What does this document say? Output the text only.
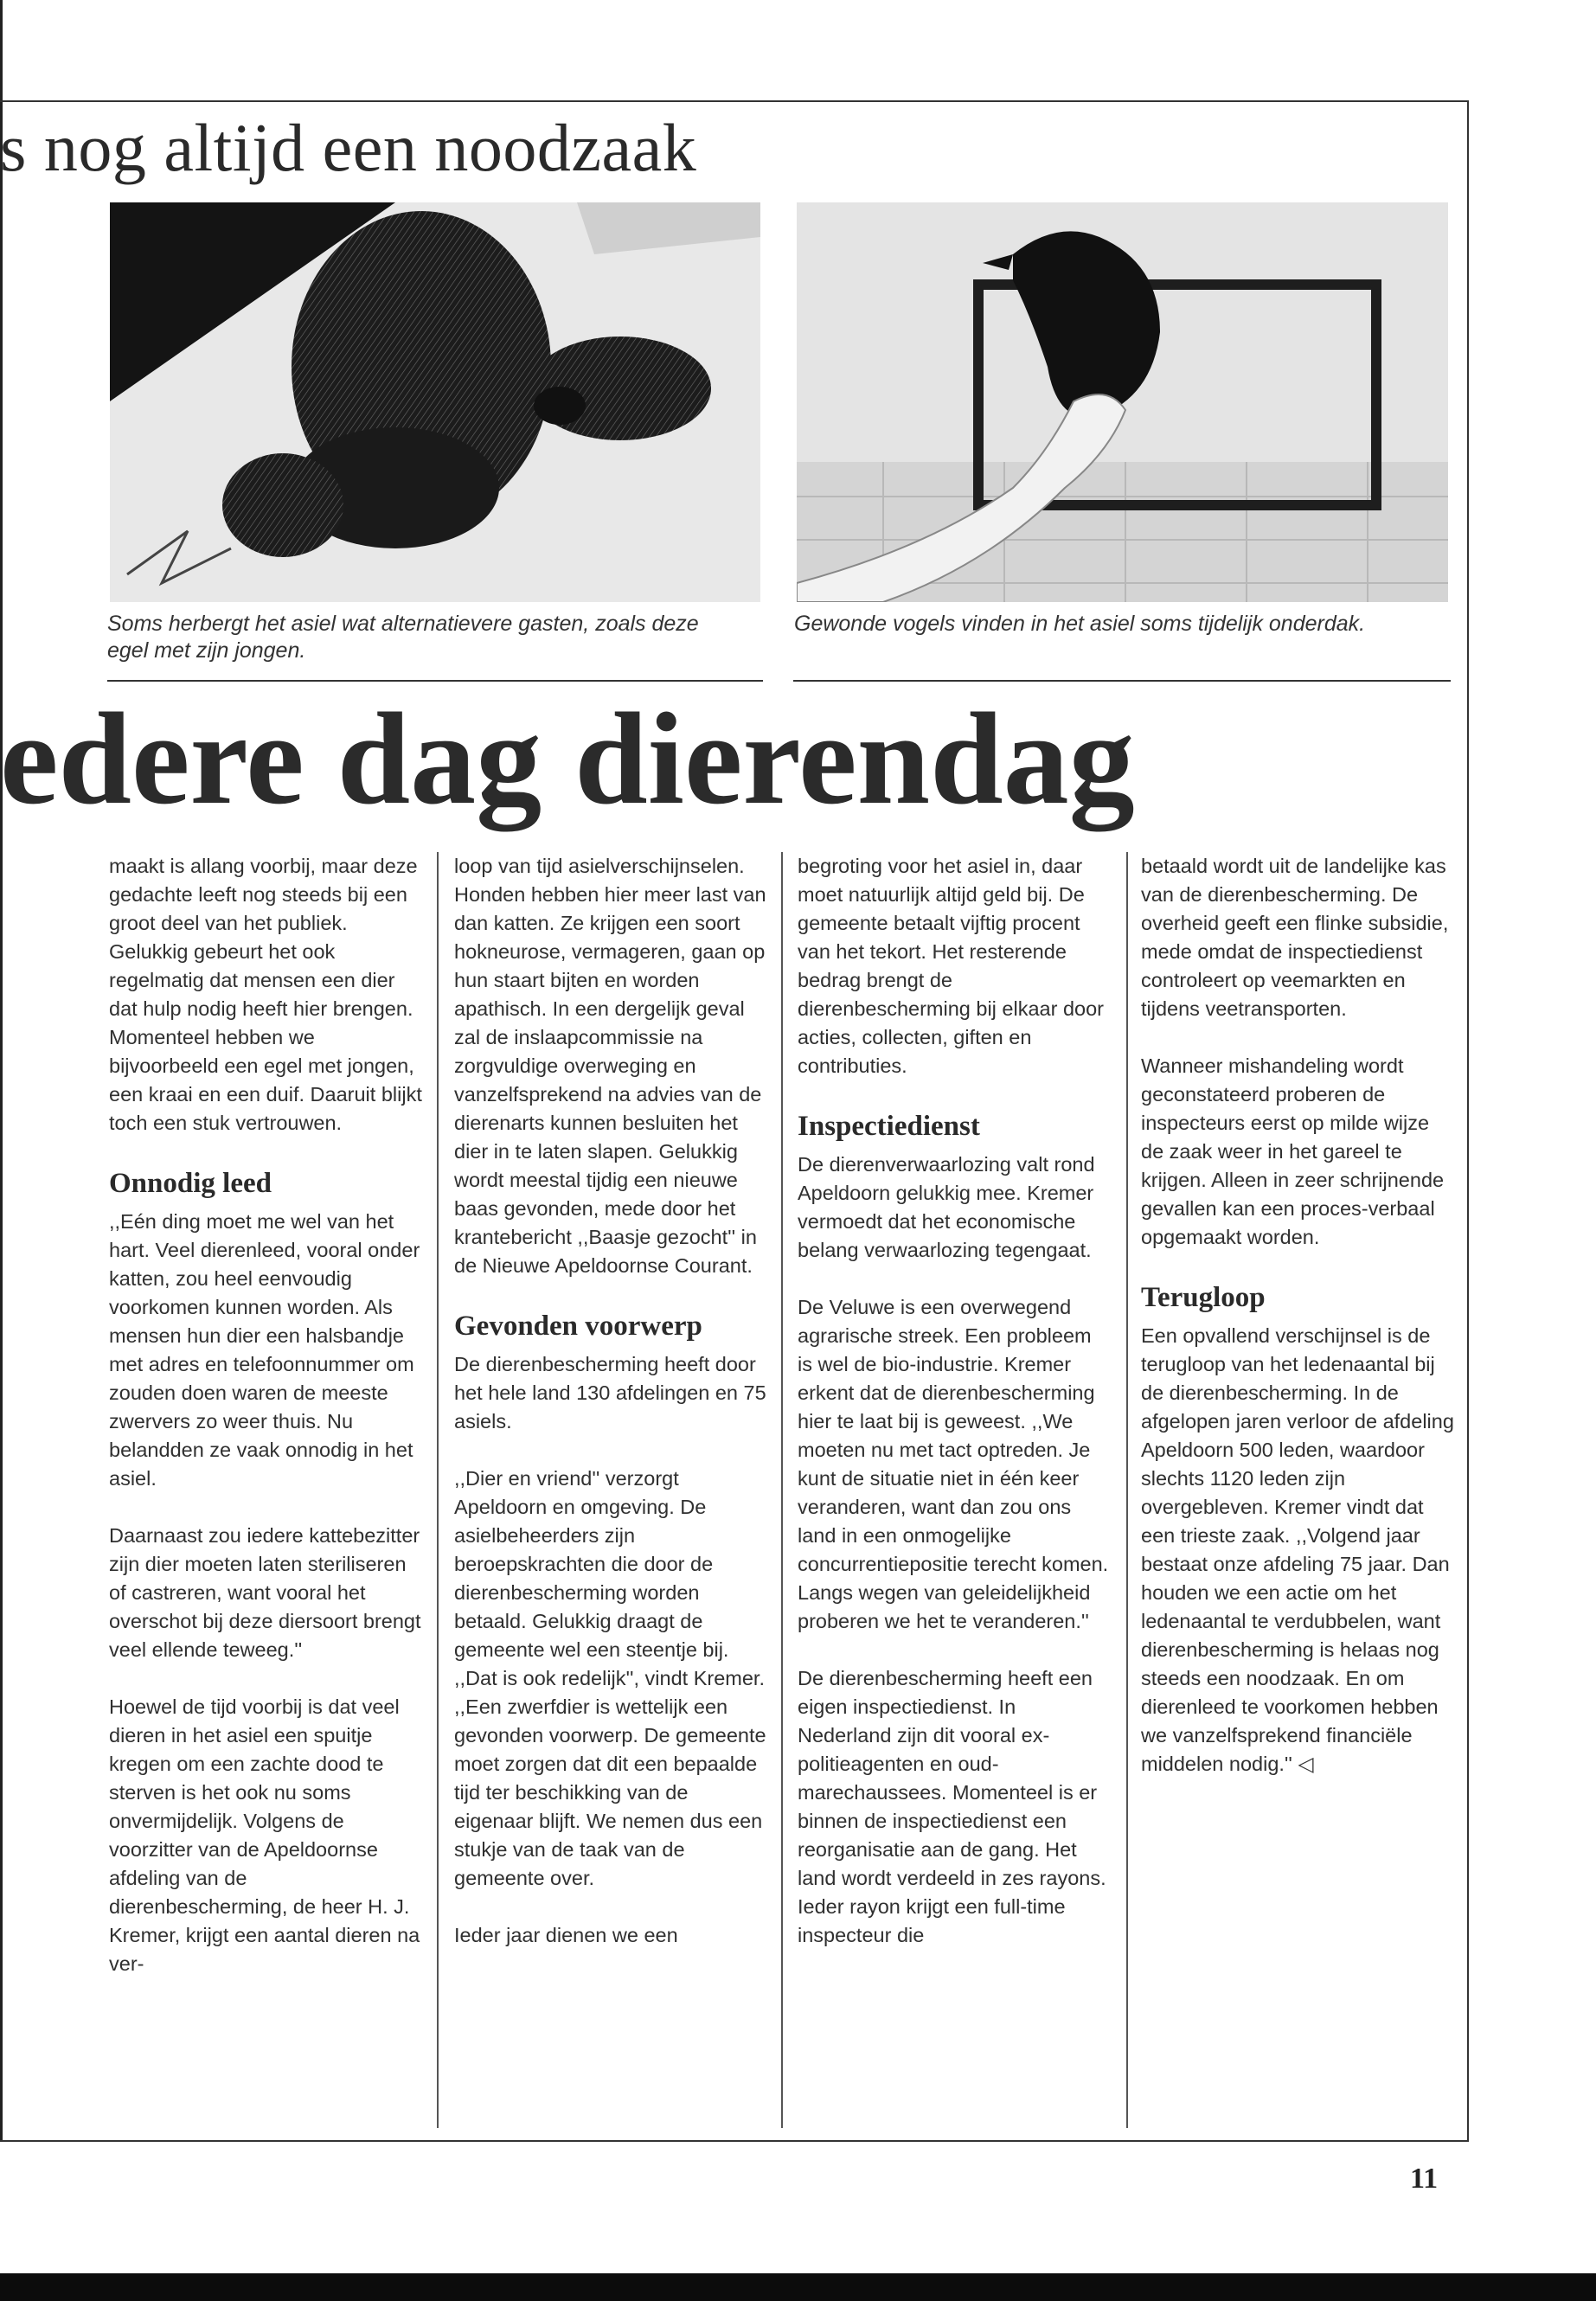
s nog altijd een noodzaak

Soms herbergt het asiel wat alternatievere gasten, zoals deze egel met zijn jongen.

Gewonde vogels vinden in het asiel soms tijdelijk onderdak.

edere dag dierendag

maakt is allang voorbij, maar deze gedachte leeft nog steeds bij een groot deel van het publiek. Gelukkig gebeurt het ook regelmatig dat mensen een dier dat hulp nodig heeft hier brengen. Momenteel hebben we bijvoorbeeld een egel met jongen, een kraai en een duif. Daaruit blijkt toch een stuk vertrouwen.

Onnodig leed

,,Eén ding moet me wel van het hart. Veel dierenleed, vooral onder katten, zou heel eenvoudig voorkomen kunnen worden. Als mensen hun dier een halsbandje met adres en telefoonnummer om zouden doen waren de meeste zwervers zo weer thuis. Nu belandden ze vaak onnodig in het asiel.

Daarnaast zou iedere kattebezitter zijn dier moeten laten steriliseren of castreren, want vooral het overschot bij deze diersoort brengt veel ellende teweeg.''

Hoewel de tijd voorbij is dat veel dieren in het asiel een spuitje kregen om een zachte dood te sterven is het ook nu soms onvermijdelijk. Volgens de voorzitter van de Apeldoornse afdeling van de dierenbescherming, de heer H. J. Kremer, krijgt een aantal dieren na ver-

loop van tijd asielverschijnselen. Honden hebben hier meer last van dan katten. Ze krijgen een soort hokneurose, vermageren, gaan op hun staart bijten en worden apathisch. In een dergelijk geval zal de inslaapcommissie na zorgvuldige overweging en vanzelfsprekend na advies van de dierenarts kunnen besluiten het dier in te laten slapen. Gelukkig wordt meestal tijdig een nieuwe baas gevonden, mede door het krantebericht ,,Baasje gezocht'' in de Nieuwe Apeldoornse Courant.

Gevonden voorwerp

De dierenbescherming heeft door het hele land 130 afdelingen en 75 asiels.

,,Dier en vriend'' verzorgt Apeldoorn en omgeving. De asielbeheerders zijn beroepskrachten die door de dierenbescherming worden betaald. Gelukkig draagt de gemeente wel een steentje bij. ,,Dat is ook redelijk'', vindt Kremer. ,,Een zwerfdier is wettelijk een gevonden voorwerp. De gemeente moet zorgen dat dit een bepaalde tijd ter beschikking van de eigenaar blijft. We nemen dus een stukje van de taak van de gemeente over.

Ieder jaar dienen we een

begroting voor het asiel in, daar moet natuurlijk altijd geld bij. De gemeente betaalt vijftig procent van het tekort. Het resterende bedrag brengt de dierenbescherming bij elkaar door acties, collecten, giften en contributies.

Inspectiedienst

De dierenverwaarlozing valt rond Apeldoorn gelukkig mee. Kremer vermoedt dat het economische belang verwaarlozing tegengaat.

De Veluwe is een overwegend agrarische streek. Een probleem is wel de bio-industrie. Kremer erkent dat de dierenbescherming hier te laat bij is geweest. ,,We moeten nu met tact optreden. Je kunt de situatie niet in één keer veranderen, want dan zou ons land in een onmogelijke concurrentiepositie terecht komen. Langs wegen van geleidelijkheid proberen we het te veranderen.''

De dierenbescherming heeft een eigen inspectiedienst. In Nederland zijn dit vooral ex-politieagenten en oud-marechaussees. Momenteel is er binnen de inspectiedienst een reorganisatie aan de gang. Het land wordt verdeeld in zes rayons. Ieder rayon krijgt een full-time inspecteur die

betaald wordt uit de landelijke kas van de dierenbescherming. De overheid geeft een flinke subsidie, mede omdat de inspectiedienst controleert op veemarkten en tijdens veetransporten.

Wanneer mishandeling wordt geconstateerd proberen de inspecteurs eerst op milde wijze de zaak weer in het gareel te krijgen. Alleen in zeer schrijnende gevallen kan een proces-verbaal opgemaakt worden.

Terugloop

Een opvallend verschijnsel is de terugloop van het ledenaantal bij de dierenbescherming. In de afgelopen jaren verloor de afdeling Apeldoorn 500 leden, waardoor slechts 1120 leden zijn overgebleven. Kremer vindt dat een trieste zaak. ,,Volgend jaar bestaat onze afdeling 75 jaar. Dan houden we een actie om het ledenaantal te verdubbelen, want dierenbescherming is helaas nog steeds een noodzaak. En om dierenleed te voorkomen hebben we vanzelfsprekend financiële middelen nodig.'' ◁

11
